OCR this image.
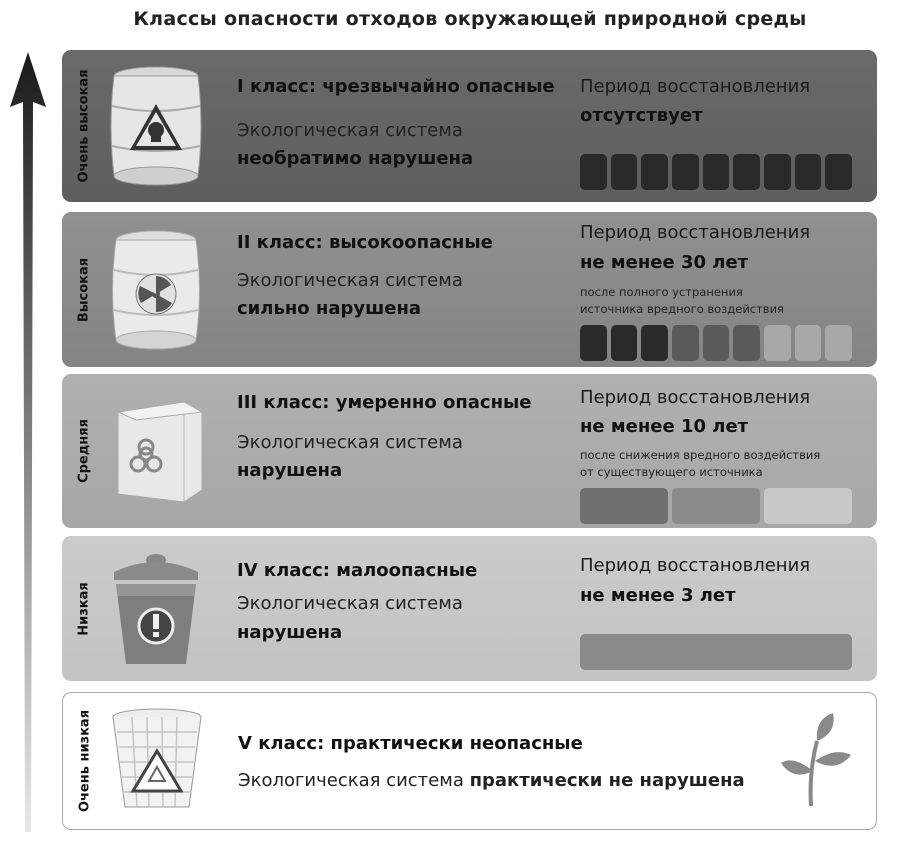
Классы опасности отходов окружающей природной среды
Очень высокая	I класс: чрезвычайно опасные
Экологическая система
необратимо нарушена
Период восстановления
отсутствует
Высокая
II класс: высокоопасные
Экологическая система
сильно нарушена
Период восстановления
не менее 30 лет
после полного устранения
источника вредного воздействия
Средняя
III класс: умеренно опасные
Экологическая система
нарушена
Период восстановления
не менее 10 лет
после снижения вредного воздействия
от существующего источника
Низкая
IV класс: малоопасные
Экологическая система
нарушена
Период восстановления
не менее 3 лет
Очень низкая	V класс: практически неопасные
Экологическая система практически не нарушена
